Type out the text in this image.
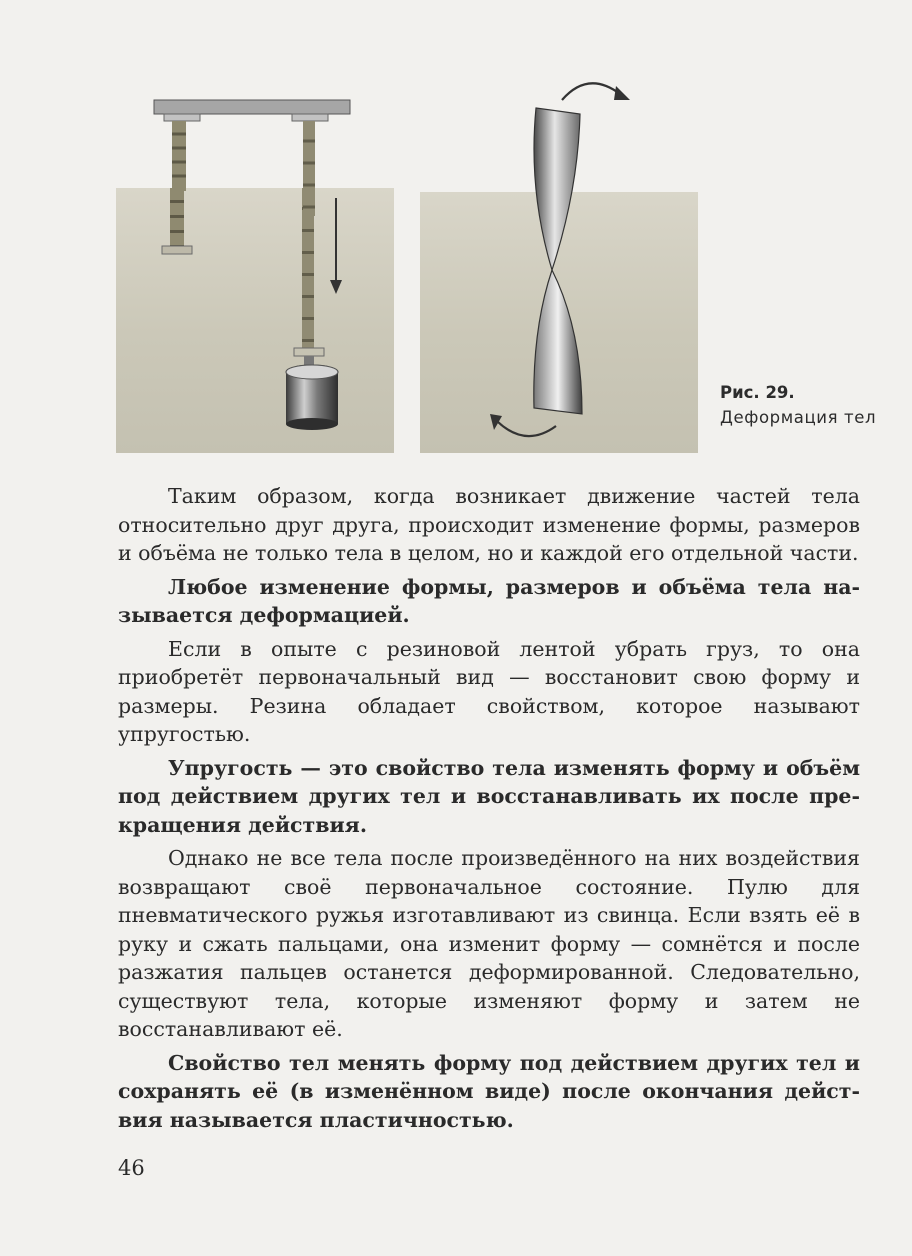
Рис. 29.
Деформация тел

Таким образом, когда возникает движение частей тела относительно друг друга, происходит изменение формы, размеров и объёма не только тела в целом, но и каждой его отдельной части.

Любое изменение формы, размеров и объёма тела называется деформацией.

Если в опыте с резиновой лентой убрать груз, то она приобретёт первоначальный вид — восстановит свою форму и размеры. Резина обладает свойством, которое называют упругостью.

Упругость — это свойство тела изменять форму и объём под действием других тел и восстанавливать их после прекращения действия.

Однако не все тела после произведённого на них воздействия возвращают своё первоначальное состояние. Пулю для пневматического ружья изготавливают из свинца. Если взять её в руку и сжать пальцами, она изменит форму — сомнётся и после разжатия пальцев останется деформированной. Следовательно, существуют тела, которые изменяют форму и затем не восстанавливают её.

Свойство тел менять форму под действием других тел и сохранять её (в изменённом виде) после окончания действия называется пластичностью.

46
